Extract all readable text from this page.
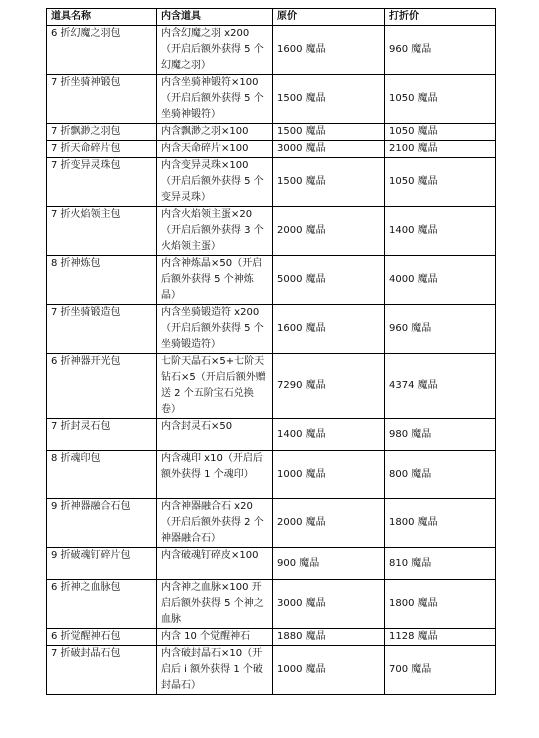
道具名称	内含道具	原价	打折价
6 折幻魔之羽包	内含幻魔之羽 x200（开启后额外获得 5 个幻魔之羽）	1600 魔晶	960 魔晶
7 折坐骑神锻包	内含坐骑神锻符×100（开启后额外获得 5 个坐骑神锻符）	1500 魔晶	1050 魔晶
7 折飘渺之羽包	内含飘渺之羽×100	1500 魔晶	1050 魔晶
7 折天命碎片包	内含天命碎片×100	3000 魔晶	2100 魔晶
7 折变异灵珠包	内含变异灵珠×100（开启后额外获得 5 个变异灵珠）	1500 魔晶	1050 魔晶
7 折火焰领主包	内含火焰领主蛋×20（开启后额外获得 3 个火焰领主蛋）	2000 魔晶	1400 魔晶
8 折神炼包	内含神炼晶×50（开启后额外获得 5 个神炼晶）	5000 魔晶	4000 魔晶
7 折坐骑锻造包	内含坐骑锻造符 x200（开启后额外获得 5 个坐骑锻造符）	1600 魔晶	960 魔晶
6 折神器开光包	七阶天晶石×5+七阶天钻石×5（开启后额外赠送 2 个五阶宝石兑换卷）	7290 魔晶	4374 魔晶
7 折封灵石包	内含封灵石×50	1400 魔晶	980 魔晶
8 折魂印包	内含魂印 x10（开启后额外获得 1 个魂印）	1000 魔晶	800 魔晶
9 折神器融合石包	内含神器融合石 x20（开启后额外获得 2 个神器融合石）	2000 魔晶	1800 魔晶
9 折破魂钉碎片包	内含破魂钉碎皮×100	900 魔晶	810 魔晶
6 折神之血脉包	内含神之血脉×100 开启后额外获得 5 个神之血脉	3000 魔晶	1800 魔晶
6 折觉醒神石包	内含 10 个觉醒神石	1880 魔晶	1128 魔晶
7 折破封晶石包	内含破封晶石×10（开启后 i 额外获得 1 个破封晶石）	1000 魔晶	700 魔晶
